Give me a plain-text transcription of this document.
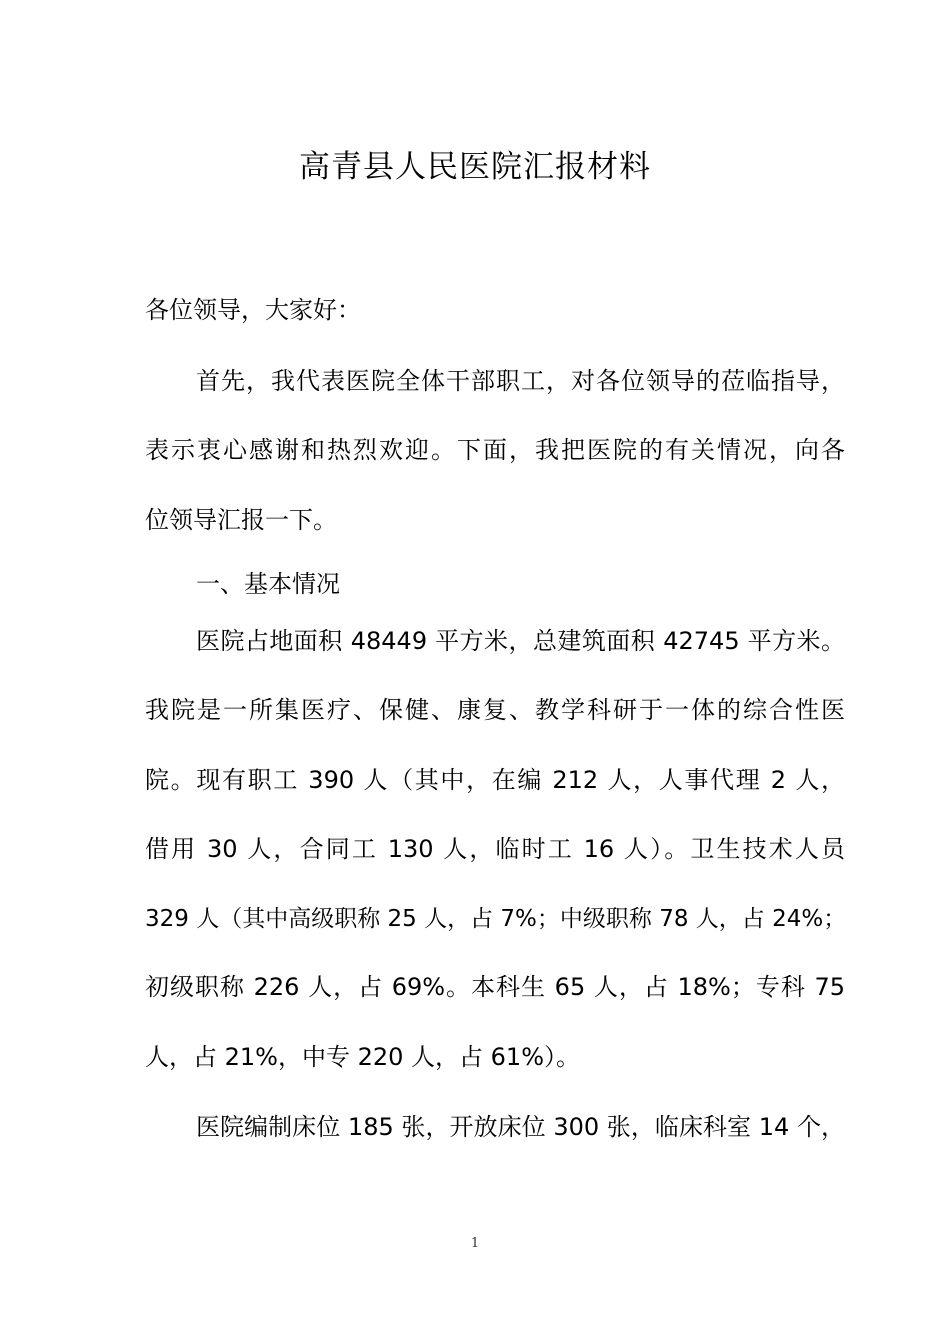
高青县人民医院汇报材料
各位领导，大家好：
首先，我代表医院全体干部职工，对各位领导的莅临指导，
表示衷心感谢和热烈欢迎。下面，我把医院的有关情况，向各
位领导汇报一下。
一、基本情况
医院占地面积 48449 平方米，总建筑面积 42745 平方米。
我院是一所集医疗、保健、康复、教学科研于一体的综合性医
院。现有职工 390 人（其中，在编 212 人，人事代理 2 人，
借用 30 人，合同工 130 人，临时工 16 人）。卫生技术人员
329 人（其中高级职称 25 人，占 7%；中级职称 78 人，占 24%；
初级职称 226 人，占 69%。本科生 65 人，占 18%；专科 75
人，占 21%，中专 220 人，占 61%）。
医院编制床位 185 张，开放床位 300 张，临床科室 14 个，
1
